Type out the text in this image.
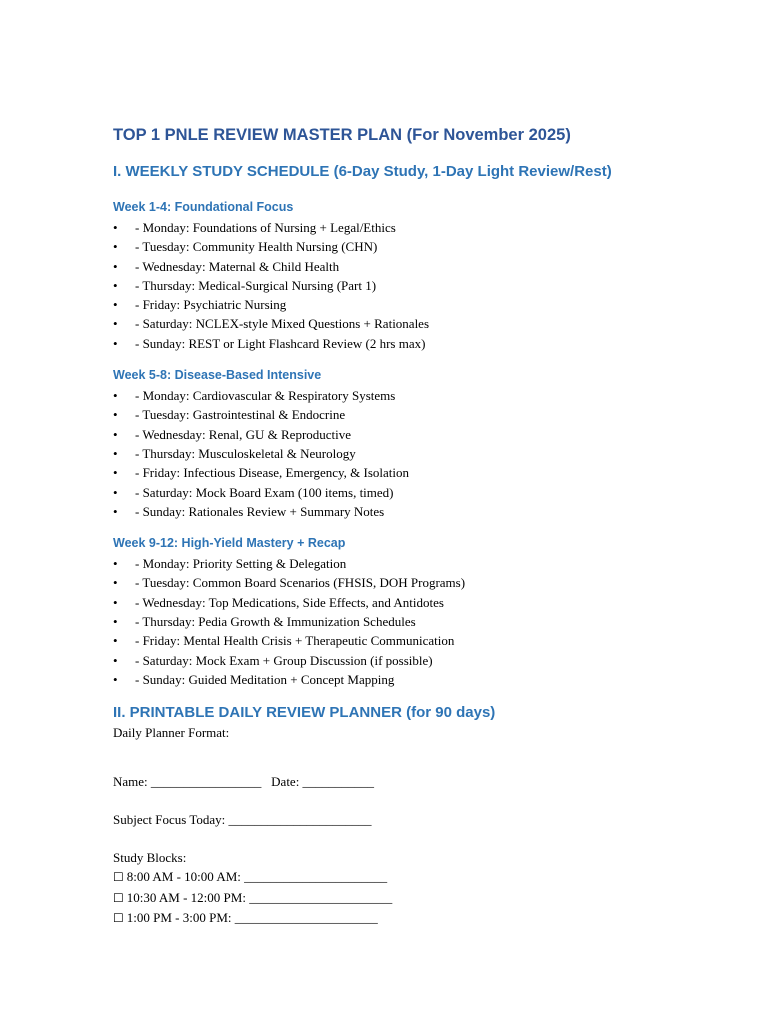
TOP 1 PNLE REVIEW MASTER PLAN (For November 2025)
I. WEEKLY STUDY SCHEDULE (6-Day Study, 1-Day Light Review/Rest)
Week 1-4: Foundational Focus
• - Monday: Foundations of Nursing + Legal/Ethics
• - Tuesday: Community Health Nursing (CHN)
• - Wednesday: Maternal & Child Health
• - Thursday: Medical-Surgical Nursing (Part 1)
• - Friday: Psychiatric Nursing
• - Saturday: NCLEX-style Mixed Questions + Rationales
• - Sunday: REST or Light Flashcard Review (2 hrs max)
Week 5-8: Disease-Based Intensive
• - Monday: Cardiovascular & Respiratory Systems
• - Tuesday: Gastrointestinal & Endocrine
• - Wednesday: Renal, GU & Reproductive
• - Thursday: Musculoskeletal & Neurology
• - Friday: Infectious Disease, Emergency, & Isolation
• - Saturday: Mock Board Exam (100 items, timed)
• - Sunday: Rationales Review + Summary Notes
Week 9-12: High-Yield Mastery + Recap
• - Monday: Priority Setting & Delegation
• - Tuesday: Common Board Scenarios (FHSIS, DOH Programs)
• - Wednesday: Top Medications, Side Effects, and Antidotes
• - Thursday: Pedia Growth & Immunization Schedules
• - Friday: Mental Health Crisis + Therapeutic Communication
• - Saturday: Mock Exam + Group Discussion (if possible)
• - Sunday: Guided Meditation + Concept Mapping
II. PRINTABLE DAILY REVIEW PLANNER (for 90 days)

Daily Planner Format:

Name: _________________ Date: ___________

Subject Focus Today: ______________________

Study Blocks:

☐ 8:00 AM - 10:00 AM: ______________________

☐ 10:30 AM - 12:00 PM: ______________________

☐ 1:00 PM - 3:00 PM: ______________________
